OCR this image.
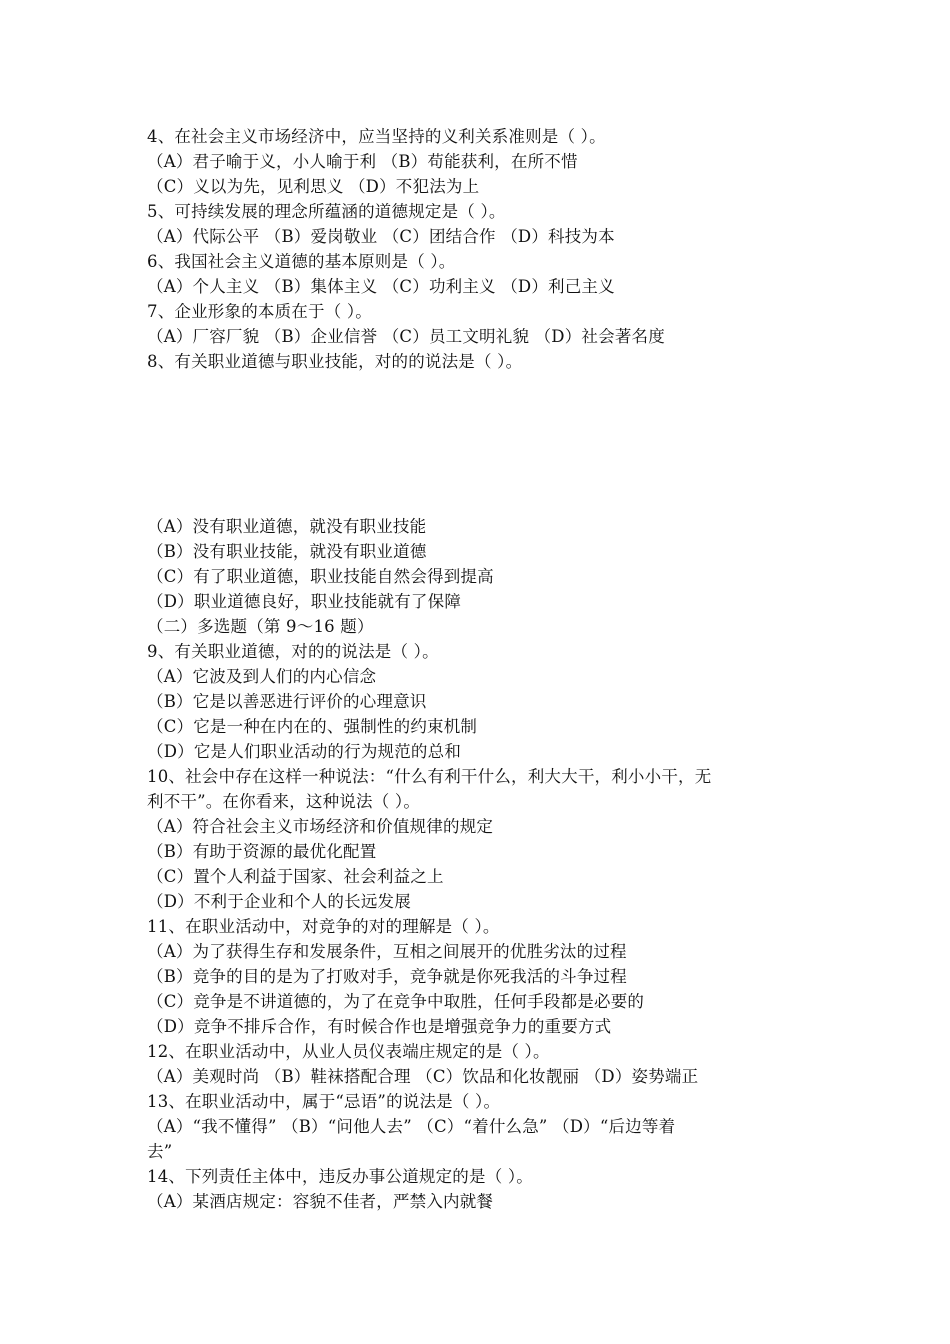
4、在社会主义市场经济中，应当坚持的义利关系准则是（ ）。
（A）君子喻于义，小人喻于利 （B）苟能获利，在所不惜
（C）义以为先，见利思义 （D）不犯法为上
5、可持续发展的理念所蕴涵的道德规定是（ ）。
（A）代际公平 （B）爱岗敬业 （C）团结合作 （D）科技为本
6、我国社会主义道德的基本原则是（ ）。
（A）个人主义 （B）集体主义 （C）功利主义 （D）利己主义
7、企业形象的本质在于（ ）。
（A）厂容厂貌 （B）企业信誉 （C）员工文明礼貌 （D）社会著名度
8、有关职业道德与职业技能，对的的说法是（ ）。
（A）没有职业道德，就没有职业技能
（B）没有职业技能，就没有职业道德
（C）有了职业道德，职业技能自然会得到提高
（D）职业道德良好，职业技能就有了保障
（二）多选题（第 9～16 题）
9、有关职业道德，对的的说法是（ ）。
（A）它波及到人们的内心信念
（B）它是以善恶进行评价的心理意识
（C）它是一种在内在的、强制性的约束机制
（D）它是人们职业活动的行为规范的总和
10、社会中存在这样一种说法：“什么有利干什么，利大大干，利小小干，无
利不干”。在你看来，这种说法（ ）。
（A）符合社会主义市场经济和价值规律的规定
（B）有助于资源的最优化配置
（C）置个人利益于国家、社会利益之上
（D）不利于企业和个人的长远发展
11、在职业活动中，对竞争的对的理解是（ ）。
（A）为了获得生存和发展条件，互相之间展开的优胜劣汰的过程
（B）竞争的目的是为了打败对手，竞争就是你死我活的斗争过程
（C）竞争是不讲道德的，为了在竞争中取胜，任何手段都是必要的
（D）竞争不排斥合作，有时候合作也是增强竞争力的重要方式
12、在职业活动中，从业人员仪表端庄规定的是（ ）。
（A）美观时尚 （B）鞋袜搭配合理 （C）饮品和化妆靓丽 （D）姿势端正
13、在职业活动中，属于“忌语”的说法是（ ）。
（A）“我不懂得” （B）“问他人去” （C）“着什么急” （D）“后边等着
去”
14、下列责任主体中，违反办事公道规定的是（ ）。
（A）某酒店规定：容貌不佳者，严禁入内就餐
